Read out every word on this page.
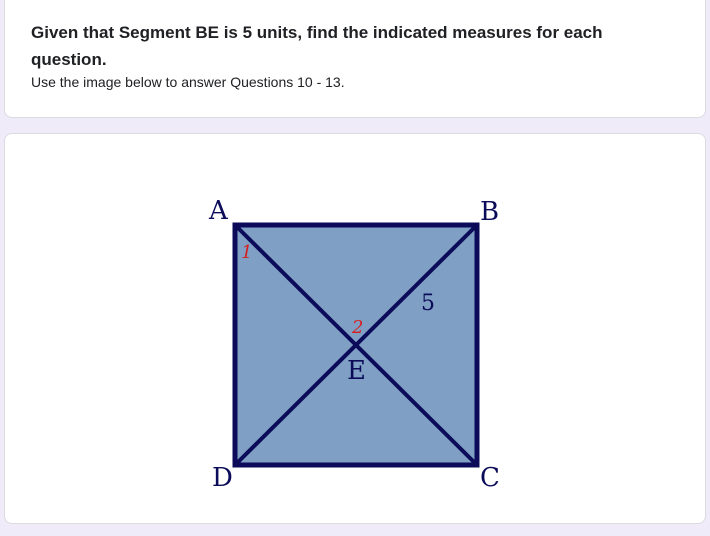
Given that Segment BE is 5 units, find the indicated measures for each question.

Use the image below to answer Questions 10 - 13.

A	B
C
D
E
5
1
2
